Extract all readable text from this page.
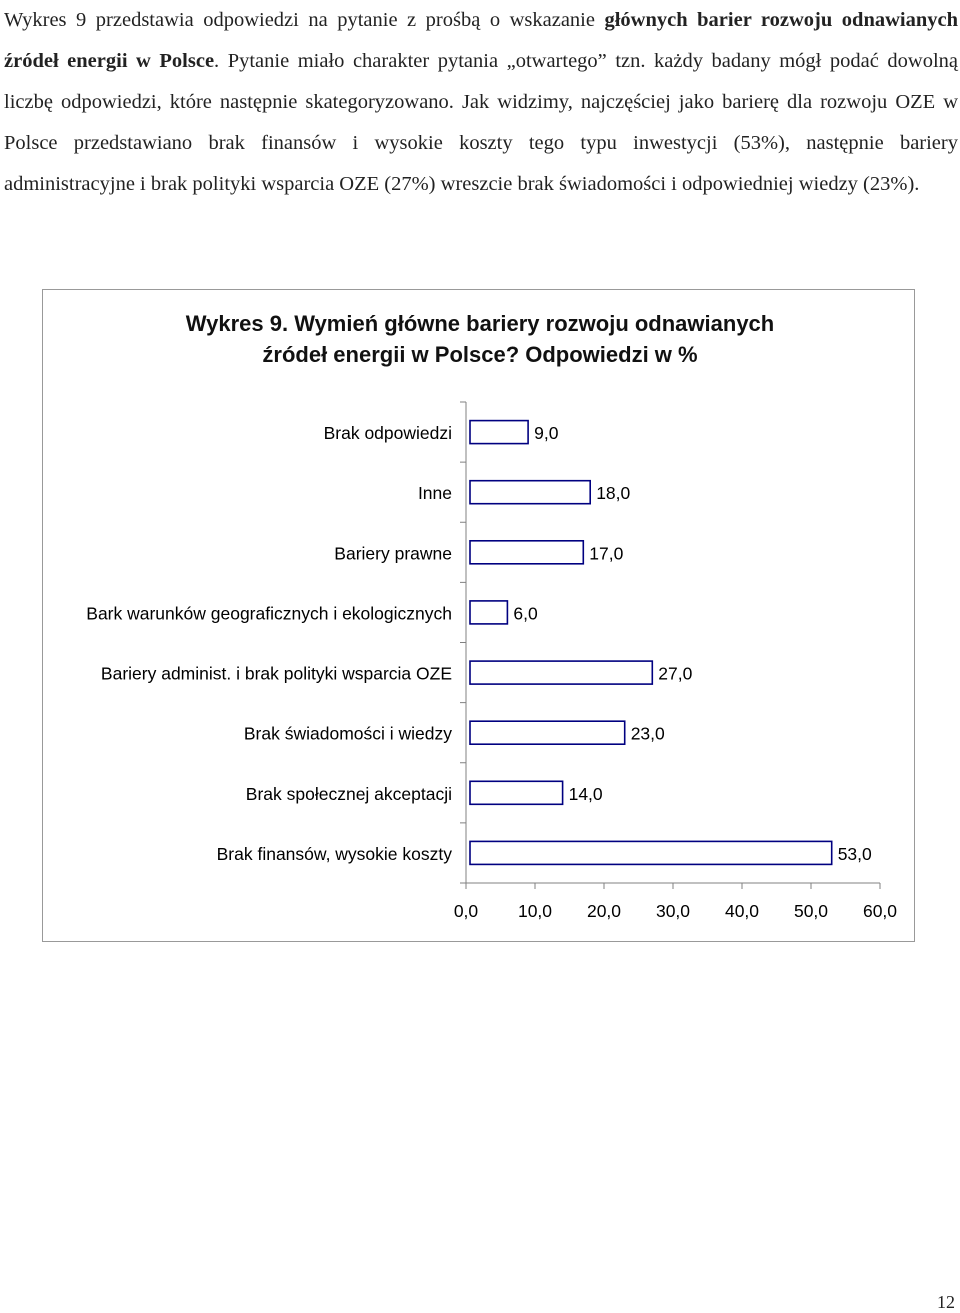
Wykres 9 przedstawia odpowiedzi na pytanie z prośbą o wskazanie głównych barier rozwoju odnawianych źródeł energii w Polsce. Pytanie miało charakter pytania „otwartego” tzn. każdy badany mógł podać dowolną liczbę odpowiedzi, które następnie skategoryzowano. Jak widzimy, najczęściej jako barierę dla rozwoju OZE w Polsce przedstawiano brak finansów i wysokie koszty tego typu inwestycji (53%), następnie bariery administracyjne i brak polityki wsparcia OZE (27%) wreszcie brak świadomości i odpowiedniej wiedzy (23%).
Wykres 9. Wymień główne bariery rozwoju odnawianych
źródeł energii w Polsce? Odpowiedzi w %
Brak odpowiedzi	9,0
Inne	18,0
Bariery prawne	17,0
Bark warunków geograficznych i ekologicznych	6,0
Bariery administ. i brak polityki wsparcia OZE	27,0
Brak świadomości i wiedzy	23,0
Brak społecznej akceptacji	14,0
Brak finansów, wysokie koszty	53,0
0,0 10,0 20,0 30,0 40,0 50,0 60,0
12
